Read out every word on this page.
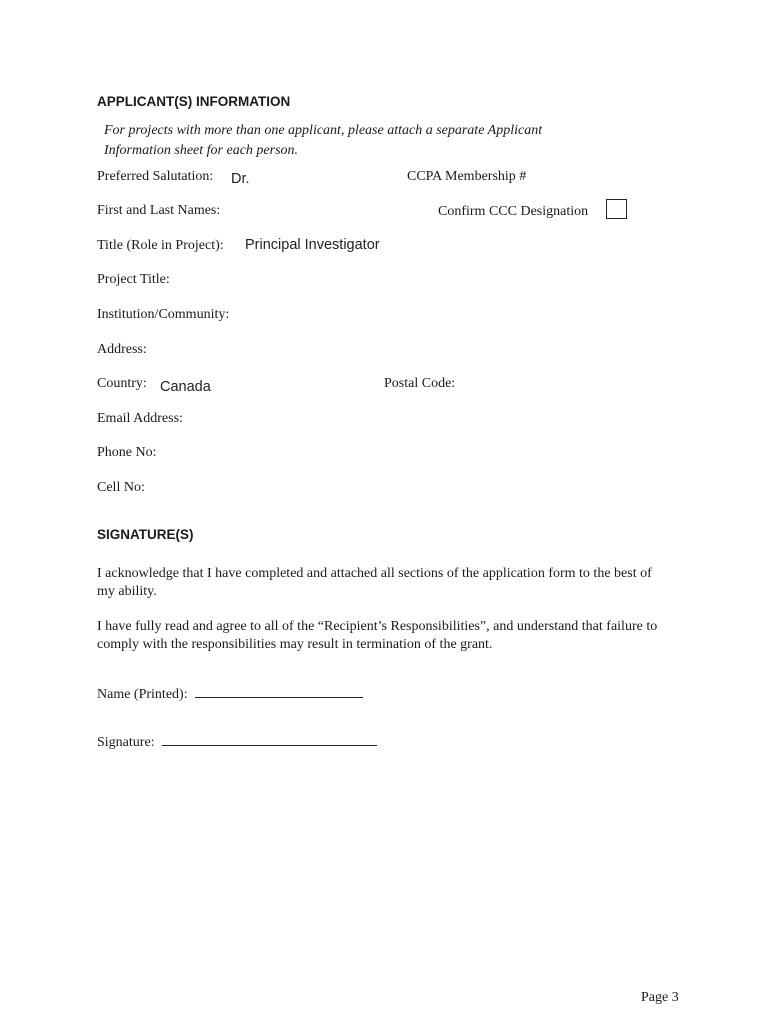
APPLICANT(S) INFORMATION
For projects with more than one applicant, please attach a separate Applicant
Information sheet for each person.
Preferred Salutation: Dr.	CCPA Membership #
First and Last Names:	Confirm CCC Designation
Title (Role in Project): Principal Investigator
Project Title:
Institution/Community:
Address:
Country: Canada	Postal Code:
Email Address:
Phone No:
Cell No:
SIGNATURE(S)
I acknowledge that I have completed and attached all sections of the application form to the best of my ability.
I have fully read and agree to all of the “Recipient’s Responsibilities”, and understand that failure to comply with the responsibilities may result in termination of the grant.
Name (Printed):
Signature:
Page 3
